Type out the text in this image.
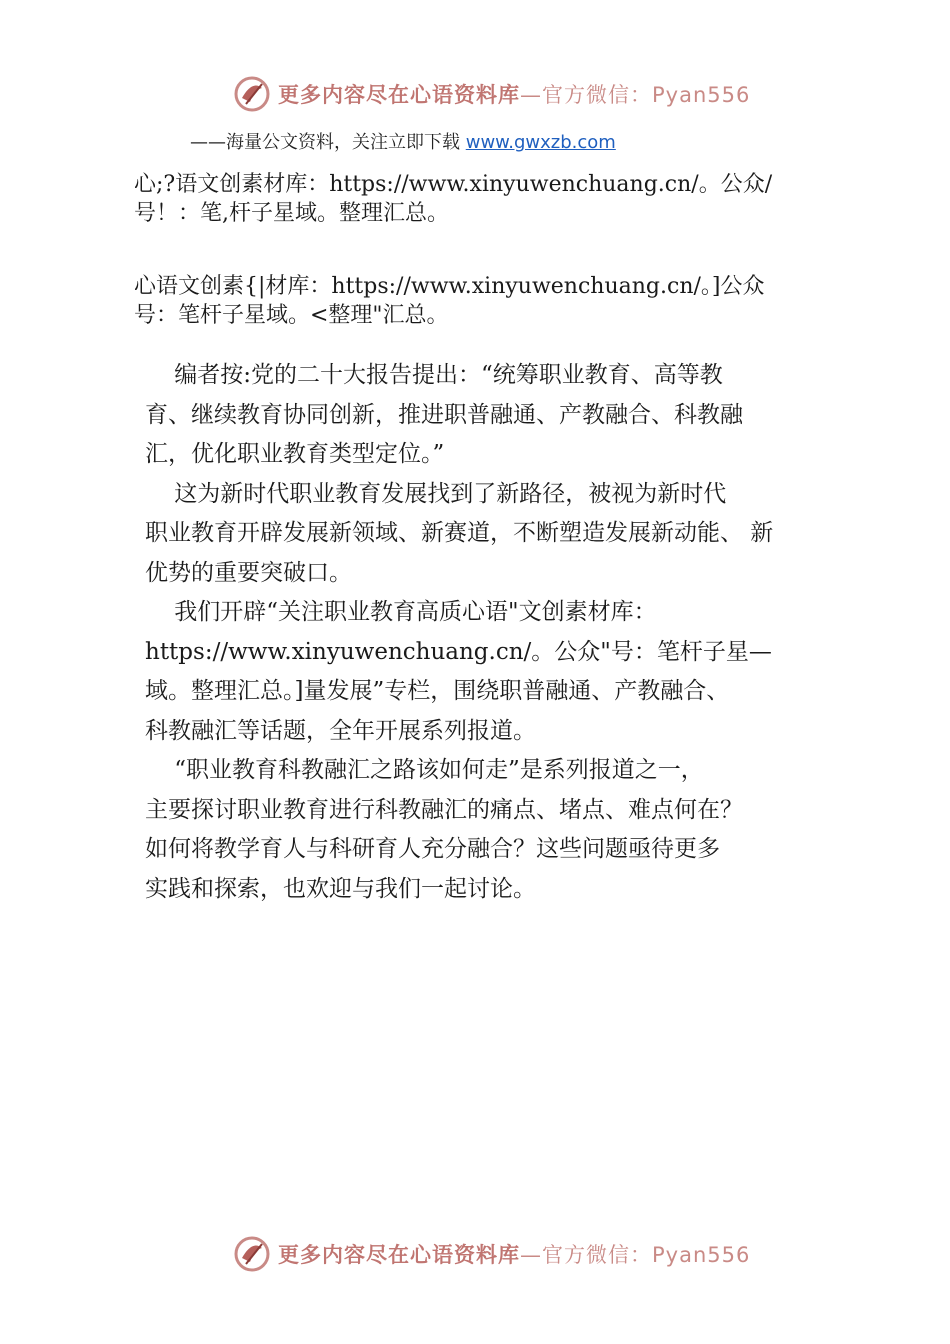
更多内容尽在心语资料库—官方微信：Pyan556
——海量公文资料，关注立即下载 www.gwxzb.com

心;?语文创素材库：https://www.xinyuwenchuang.cn/。公众/
号！：笔,杆子星域。整理汇总。

心语文创素{|材库：https://www.xinyuwenchuang.cn/。]公众
号：笔杆子星域。<整理"汇总。

编者按:党的二十大报告提出：“统筹职业教育、高等教
育、继续教育协同创新，推进职普融通、产教融合、科教融
汇，优化职业教育类型定位。”

这为新时代职业教育发展找到了新路径，被视为新时代
职业教育开辟发展新领域、新赛道，不断塑造发展新动能、 新
优势的重要突破口。

我们开辟“关注职业教育高质心语"文创素材库：
https://www.xinyuwenchuang.cn/。公众"号：笔杆子星—
域。整理汇总。]量发展”专栏，围绕职普融通、产教融合、
科教融汇等话题，全年开展系列报道。

“职业教育科教融汇之路该如何走”是系列报道之一，
主要探讨职业教育进行科教融汇的痛点、堵点、难点何在？
如何将教学育人与科研育人充分融合？这些问题亟待更多
实践和探索，也欢迎与我们一起讨论。

更多内容尽在心语资料库—官方微信：Pyan556
